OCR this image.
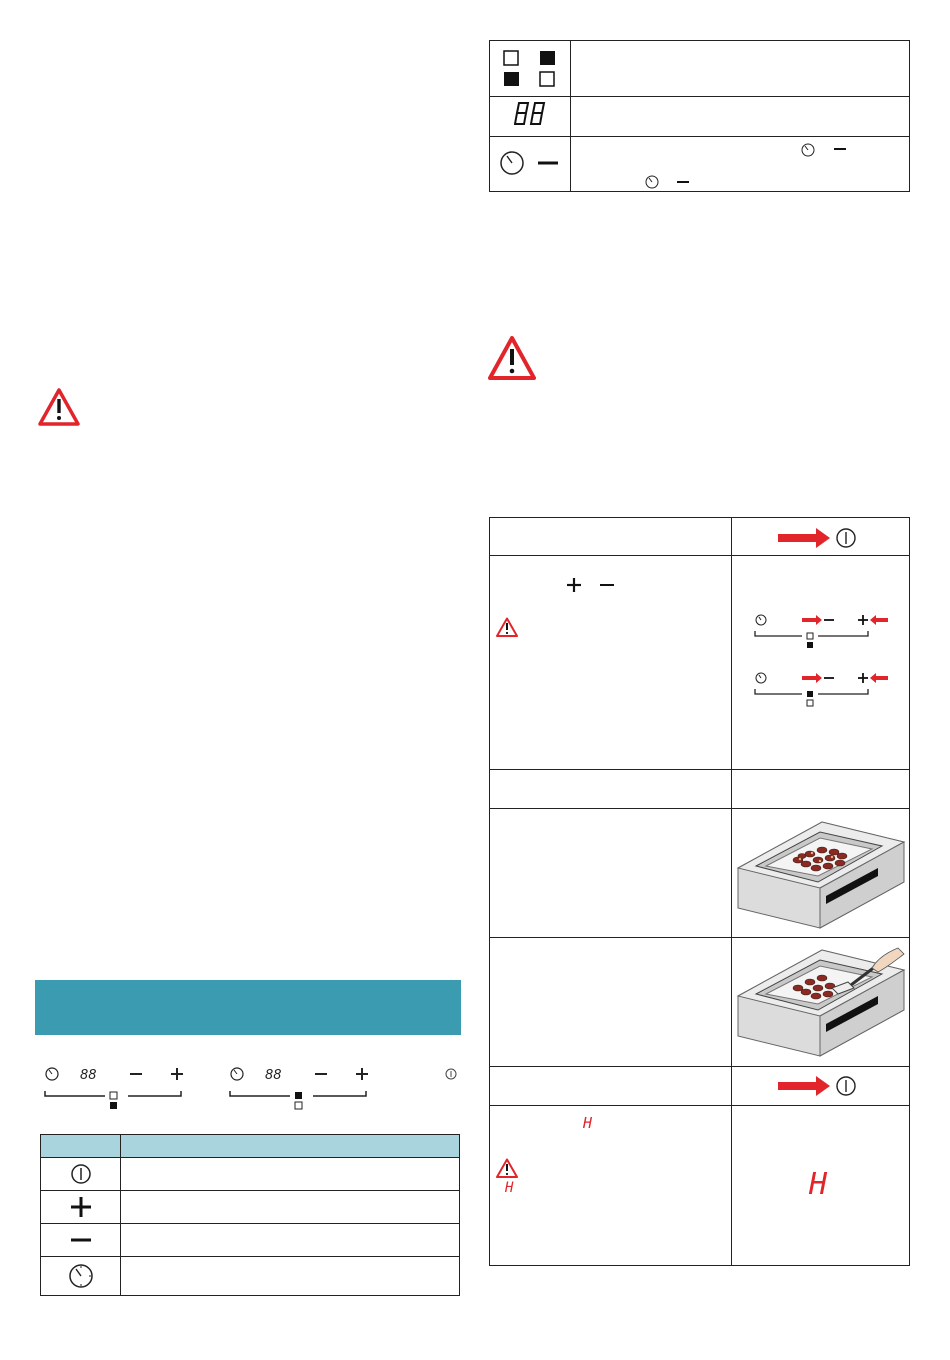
88	88
H
H	H
